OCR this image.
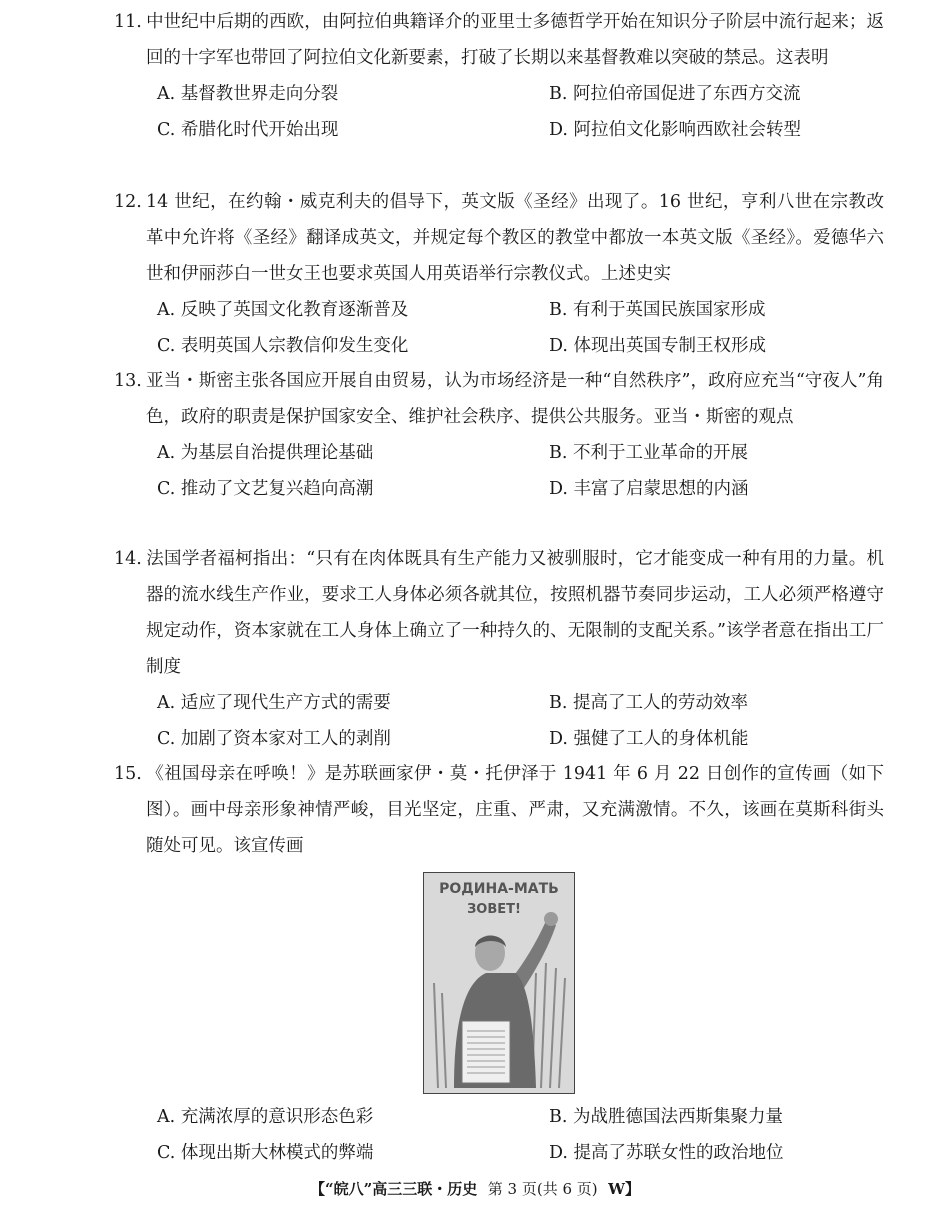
11. 中世纪中后期的西欧，由阿拉伯典籍译介的亚里士多德哲学开始在知识分子阶层中流行起来；返回的十字军也带回了阿拉伯文化新要素，打破了长期以来基督教难以突破的禁忌。这表明

A. 基督教世界走向分裂	B. 阿拉伯帝国促进了东西方交流
C. 希腊化时代开始出现	D. 阿拉伯文化影响西欧社会转型

12. 14 世纪，在约翰・威克利夫的倡导下，英文版《圣经》出现了。16 世纪，亨利八世在宗教改革中允许将《圣经》翻译成英文，并规定每个教区的教堂中都放一本英文版《圣经》。爱德华六世和伊丽莎白一世女王也要求英国人用英语举行宗教仪式。上述史实

A. 反映了英国文化教育逐渐普及	B. 有利于英国民族国家形成
C. 表明英国人宗教信仰发生变化	D. 体现出英国专制王权形成

13. 亚当・斯密主张各国应开展自由贸易，认为市场经济是一种“自然秩序”，政府应充当“守夜人”角色，政府的职责是保护国家安全、维护社会秩序、提供公共服务。亚当・斯密的观点

A. 为基层自治提供理论基础	B. 不利于工业革命的开展
C. 推动了文艺复兴趋向高潮	D. 丰富了启蒙思想的内涵

14. 法国学者福柯指出：“只有在肉体既具有生产能力又被驯服时，它才能变成一种有用的力量。机器的流水线生产作业，要求工人身体必须各就其位，按照机器节奏同步运动，工人必须严格遵守规定动作，资本家就在工人身体上确立了一种持久的、无限制的支配关系。”该学者意在指出工厂制度

A. 适应了现代生产方式的需要	B. 提高了工人的劳动效率
C. 加剧了资本家对工人的剥削	D. 强健了工人的身体机能

15. 《祖国母亲在呼唤！》是苏联画家伊・莫・托伊泽于 1941 年 6 月 22 日创作的宣传画（如下图）。画中母亲形象神情严峻，目光坚定，庄重、严肃，又充满激情。不久，该画在莫斯科街头随处可见。该宣传画

РОДИНА-МАТЬ
ЗОВЕТ!
A. 充满浓厚的意识形态色彩	B. 为战胜德国法西斯集聚力量
C. 体现出斯大林模式的弊端	D. 提高了苏联女性的政治地位
【“皖八”高三三联・历史 第 3 页(共 6 页) W】
